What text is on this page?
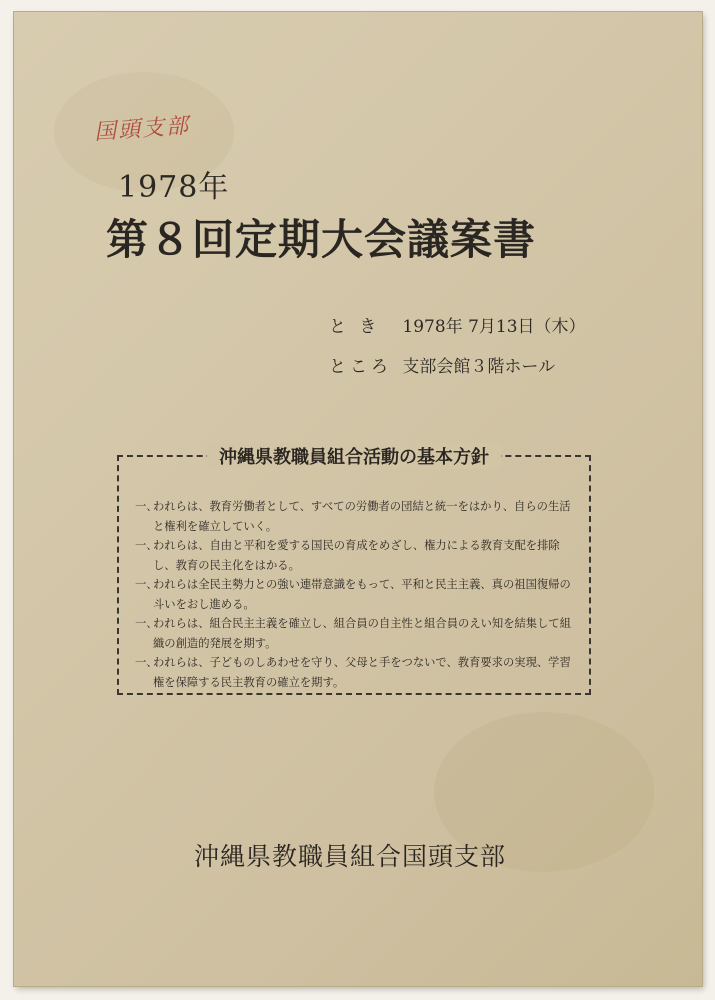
国頭支部
1978年
第８回定期大会議案書
と き 1978年 7月13日（木）
ところ 支部会館３階ホール
沖縄県教職員組合活動の基本方針
一、 われらは、教育労働者として、すべての労働者の団結と統一をはかり、自らの生活と権利を確立していく。
一、 われらは、自由と平和を愛する国民の育成をめざし、権力による教育支配を排除し、教育の民主化をはかる。
一、 われらは全民主勢力との強い連帯意識をもって、平和と民主主義、真の祖国復帰の斗いをおし進める。
一、 われらは、組合民主主義を確立し、組合員の自主性と組合員のえい知を結集して組織の創造的発展を期す。
一、 われらは、子どものしあわせを守り、父母と手をつないで、教育要求の実現、学習権を保障する民主教育の確立を期す。
沖縄県教職員組合国頭支部
